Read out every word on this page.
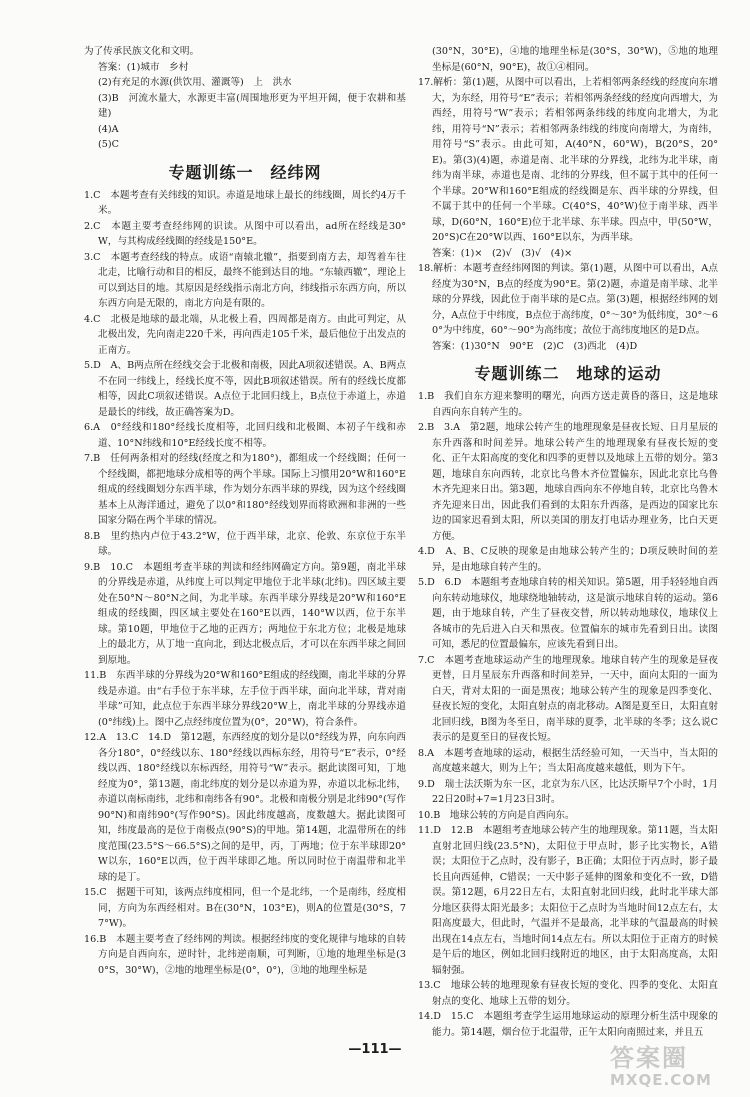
为了传承民族文化和文明。

答案：(1)城市　乡村

(2)有充足的水源(供饮用、灌溉等)　上　洪水

(3)B　河流水量大，水源更丰富(周围地形更为平坦开阔，便于农耕和基建)

(4)A

(5)C

专题训练一　经纬网

1.C　本题考查有关纬线的知识。赤道是地球上最长的纬线圈，周长约4万千米。

2.C　本题主要考查经纬网的识读。从图中可以看出，ad所在经线是30°W，与其构成经线圈的经线是150°E。

3.C　本题考查经线的特点。成语“南辕北辙”，指要到南方去，却驾着车往北走，比喻行动和目的相反，最终不能到达目的地。“东辕西辙”，理论上可以到达目的地。其原因是经线指示南北方向，纬线指示东西方向，所以东西方向是无限的，南北方向是有限的。

4.C　北极是地球的最北端，从北极上看，四周都是南方。由此可判定，从北极出发，先向南走220千米，再向西走105千米，最后他位于出发点的正南方。

5.D　A、B两点所在经线交会于北极和南极，因此A项叙述错误。A、B两点不在同一纬线上，经线长度不等，因此B项叙述错误。所有的经线长度都相等，因此C项叙述错误。A点位于北回归线上，B点位于赤道上，赤道是最长的纬线，故正确答案为D。

6.A　0°经线和180°经线长度相等，北回归线和北极圈、本初子午线和赤道、10°N纬线和10°E经线长度不相等。

7.B　任何两条相对的经线(经度之和为180°)，都组成一个经线圈；任何一个经线圈，都把地球分成相等的两个半球。国际上习惯用20°W和160°E组成的经线圈划分东西半球，作为划分东西半球的界线，因为这个经线圈基本上从海洋通过，避免了以0°和180°经线划界而将欧洲和非洲的一些国家分隔在两个半球的情况。

8.B　里约热内卢位于43.2°W，位于西半球，北京、伦敦、东京位于东半球。

9.B　10.C　本题组考查半球的判读和经纬网确定方向。第9题，南北半球的分界线是赤道，从纬度上可以判定甲地位于北半球(北纬)。四区域主要处在50°N～80°N之间，为北半球。东西半球分界线是20°W和160°E组成的经线圈，四区域主要处在160°E以西，140°W以西，位于东半球。第10题，甲地位于乙地的正西方；两地位于东北方位；北极是地球上的最北方，从丁地一直向北，到达北极点后，才可以在东西半球之间回到原地。

11.B　东西半球的分界线为20°W和160°E组成的经线圈，南北半球的分界线是赤道。由“右手位于东半球，左手位于西半球，面向北半球，背对南半球”可知，此点位于东西半球分界线20°W上，南北半球的分界线赤道(0°纬线)上。图中乙点经纬度位置为(0°，20°W)，符合条件。

12.A　13.C　14.D　第12题，东西经度的划分是以0°经线为界，向东向西各分180°，0°经线以东、180°经线以西标东经，用符号“E”表示，0°经线以西、180°经线以东标西经，用符号“W”表示。据此读图可知，丁地经度为0°，第13题，南北纬度的划分是以赤道为界，赤道以北标北纬，赤道以南标南纬，北纬和南纬各有90°。北极和南极分别是北纬90°(写作90°N)和南纬90°(写作90°S)。因此纬度越高，度数越大。据此读图可知，纬度最高的是位于南极点(90°S)的甲地。第14题，北温带所在的纬度范围(23.5°S～66.5°S)之间的是甲，丙，丁两地；位于东半球即20°W以东，160°E以西，位于西半球即乙地。所以同时位于南温带和北半球的是丁。

15.C　据题干可知，该两点纬度相同，但一个是北纬，一个是南纬，经度相同，方向为东西经相对。B在(30°N，103°E)，则A的位置是(30°S，77°W)。

16.B　本题主要考查了经纬网的判读。根据经纬度的变化规律与地球的自转方向是自西向东，逆时针，北纬逆南顺，可判断，①地的地理坐标是(30°S，30°W)，②地的地理坐标是(0°，0°)，③地的地理坐标是

(30°N，30°E)，④地的地理坐标是(30°S，30°W)，⑤地的地理坐标是(60°N，90°E)，故①④相同。

17.解析：第(1)题，从图中可以看出，上若相邻两条经线的经度向东增大，为东经，用符号“E”表示；若相邻两条经线的经度向西增大，为西经，用符号“W”表示；若相邻两条纬线的纬度向北增大，为北纬，用符号“N”表示；若相邻两条纬线的纬度向南增大，为南纬，用符号“S”表示。由此可知，A(40°N，60°W)，B(20°S，20°E)。第(3)(4)题，赤道是南、北半球的分界线，北纬为北半球，南纬为南半球，赤道也是南、北纬的分界线，但不属于其中的任何一个半球。20°W和160°E组成的经线圈是东、西半球的分界线，但不属于其中的任何一个半球。C(40°S，40°W)位于南半球、西半球，D(60°N，160°E)位于北半球、东半球。四点中，甲(50°W，20°S)C在20°W以西、160°E以东，为西半球。

答案：(1)×　(2)√　(3)√　(4)×

18.解析：本题考查经纬网图的判读。第(1)题，从图中可以看出，A点经度为30°N，B点的经度为90°E。第(2)题，赤道是南半球、北半球的分界线，因此位于南半球的是C点。第(3)题，根据经纬网的划分，A点位于中纬度，B点位于高纬度，0°～30°为低纬度，30°～60°为中纬度，60°～90°为高纬度；故位于高纬度地区的是D点。

答案：(1)30°N　90°E　(2)C　(3)西北　(4)D

专题训练二　地球的运动

1.B　我们自东方迎来黎明的曙光，向西方送走黄昏的落日，这是地球自西向东自转产生的。

2.B　3.A　第2题，地球公转产生的地理现象是昼夜长短、日月星辰的东升西落和时间差异。地球公转产生的地理现象有昼夜长短的变化、正午太阳高度的变化和四季的更替以及地球上五带的划分。第3题，地球自东向西转，北京比乌鲁木齐位置偏东，因此北京比乌鲁木齐先迎来日出。第3题，地球自西向东不停地自转，北京比乌鲁木齐先迎来日出，因此我们看到的太阳东升西落，是西边的国家比东边的国家迟看到太阳，所以美国的朋友打电话办理业务，比白天更方便。

4.D　A、B、C反映的现象是由地球公转产生的；D项反映时间的差异，是由地球自转产生的。

5.D　6.D　本题组考查地球自转的相关知识。第5题，用手轻轻地自西向东转动地球仪，地球绕地轴转动，这是演示地球自转的运动。第6题，由于地球自转，产生了昼夜交替，所以转动地球仪，地球仪上各城市的先后进入白天和黑夜。位置偏东的城市先看到日出。读图可知，悉尼的位置最偏东，应该先看到日出。

7.C　本题考查地球运动产生的地理现象。地球自转产生的现象是昼夜更替，日月星辰东升西落和时间差异，一天中，面向太阳的一面为白天，背对太阳的一面是黑夜；地球公转产生的现象是四季变化、昼夜长短的变化，太阳直射点的南北移动。A图是夏至日，太阳直射北回归线，B图为冬至日，南半球的夏季，北半球的冬季；这么说C表示的是夏至日的昼夜长短。

8.A　本题考查地球的运动，根据生活经验可知，一天当中，当太阳的高度越来越大，则为上午；当太阳高度越来越低，则为下午。

9.D　瑞士法沃斯为东一区，北京为东八区，比达沃斯早7个小时，1月22日20时+7=1月23日3时。

10.B　地球公转的方向是自西向东。

11.D　12.B　本题组考查地球公转产生的地理现象。第11题，当太阳直射北回归线(23.5°N)，太阳位于甲点时，影子比实物长，A错误；太阳位于乙点时，没有影子，B正确；太阳位于丙点时，影子最长且向西延伸，C错误；一天中影子延伸的图象和变化不一致，D错误。第12题，6月22日左右，太阳直射北回归线，此时北半球大部分地区获得太阳光最多；太阳位于乙点时为当地时间12点左右，太阳高度最大，但此时，气温并不是最高，北半球的气温最高的时候出现在14点左右，当地时间14点左右。所以太阳位于正南方的时候是午后的地区，例如北回归线附近的地区，由于太阳高度高，太阳辐射强。

13.C　地球公转的地理现象有昼夜长短的变化、四季的变化、太阳直射点的变化、地球上五带的划分。

14.D　15.C　本题组考查学生运用地球运动的原理分析生活中现象的能力。第14题，烟台位于北温带，正午太阳向南照过来，并且五

—111—	答案圈
MXQE.COM
